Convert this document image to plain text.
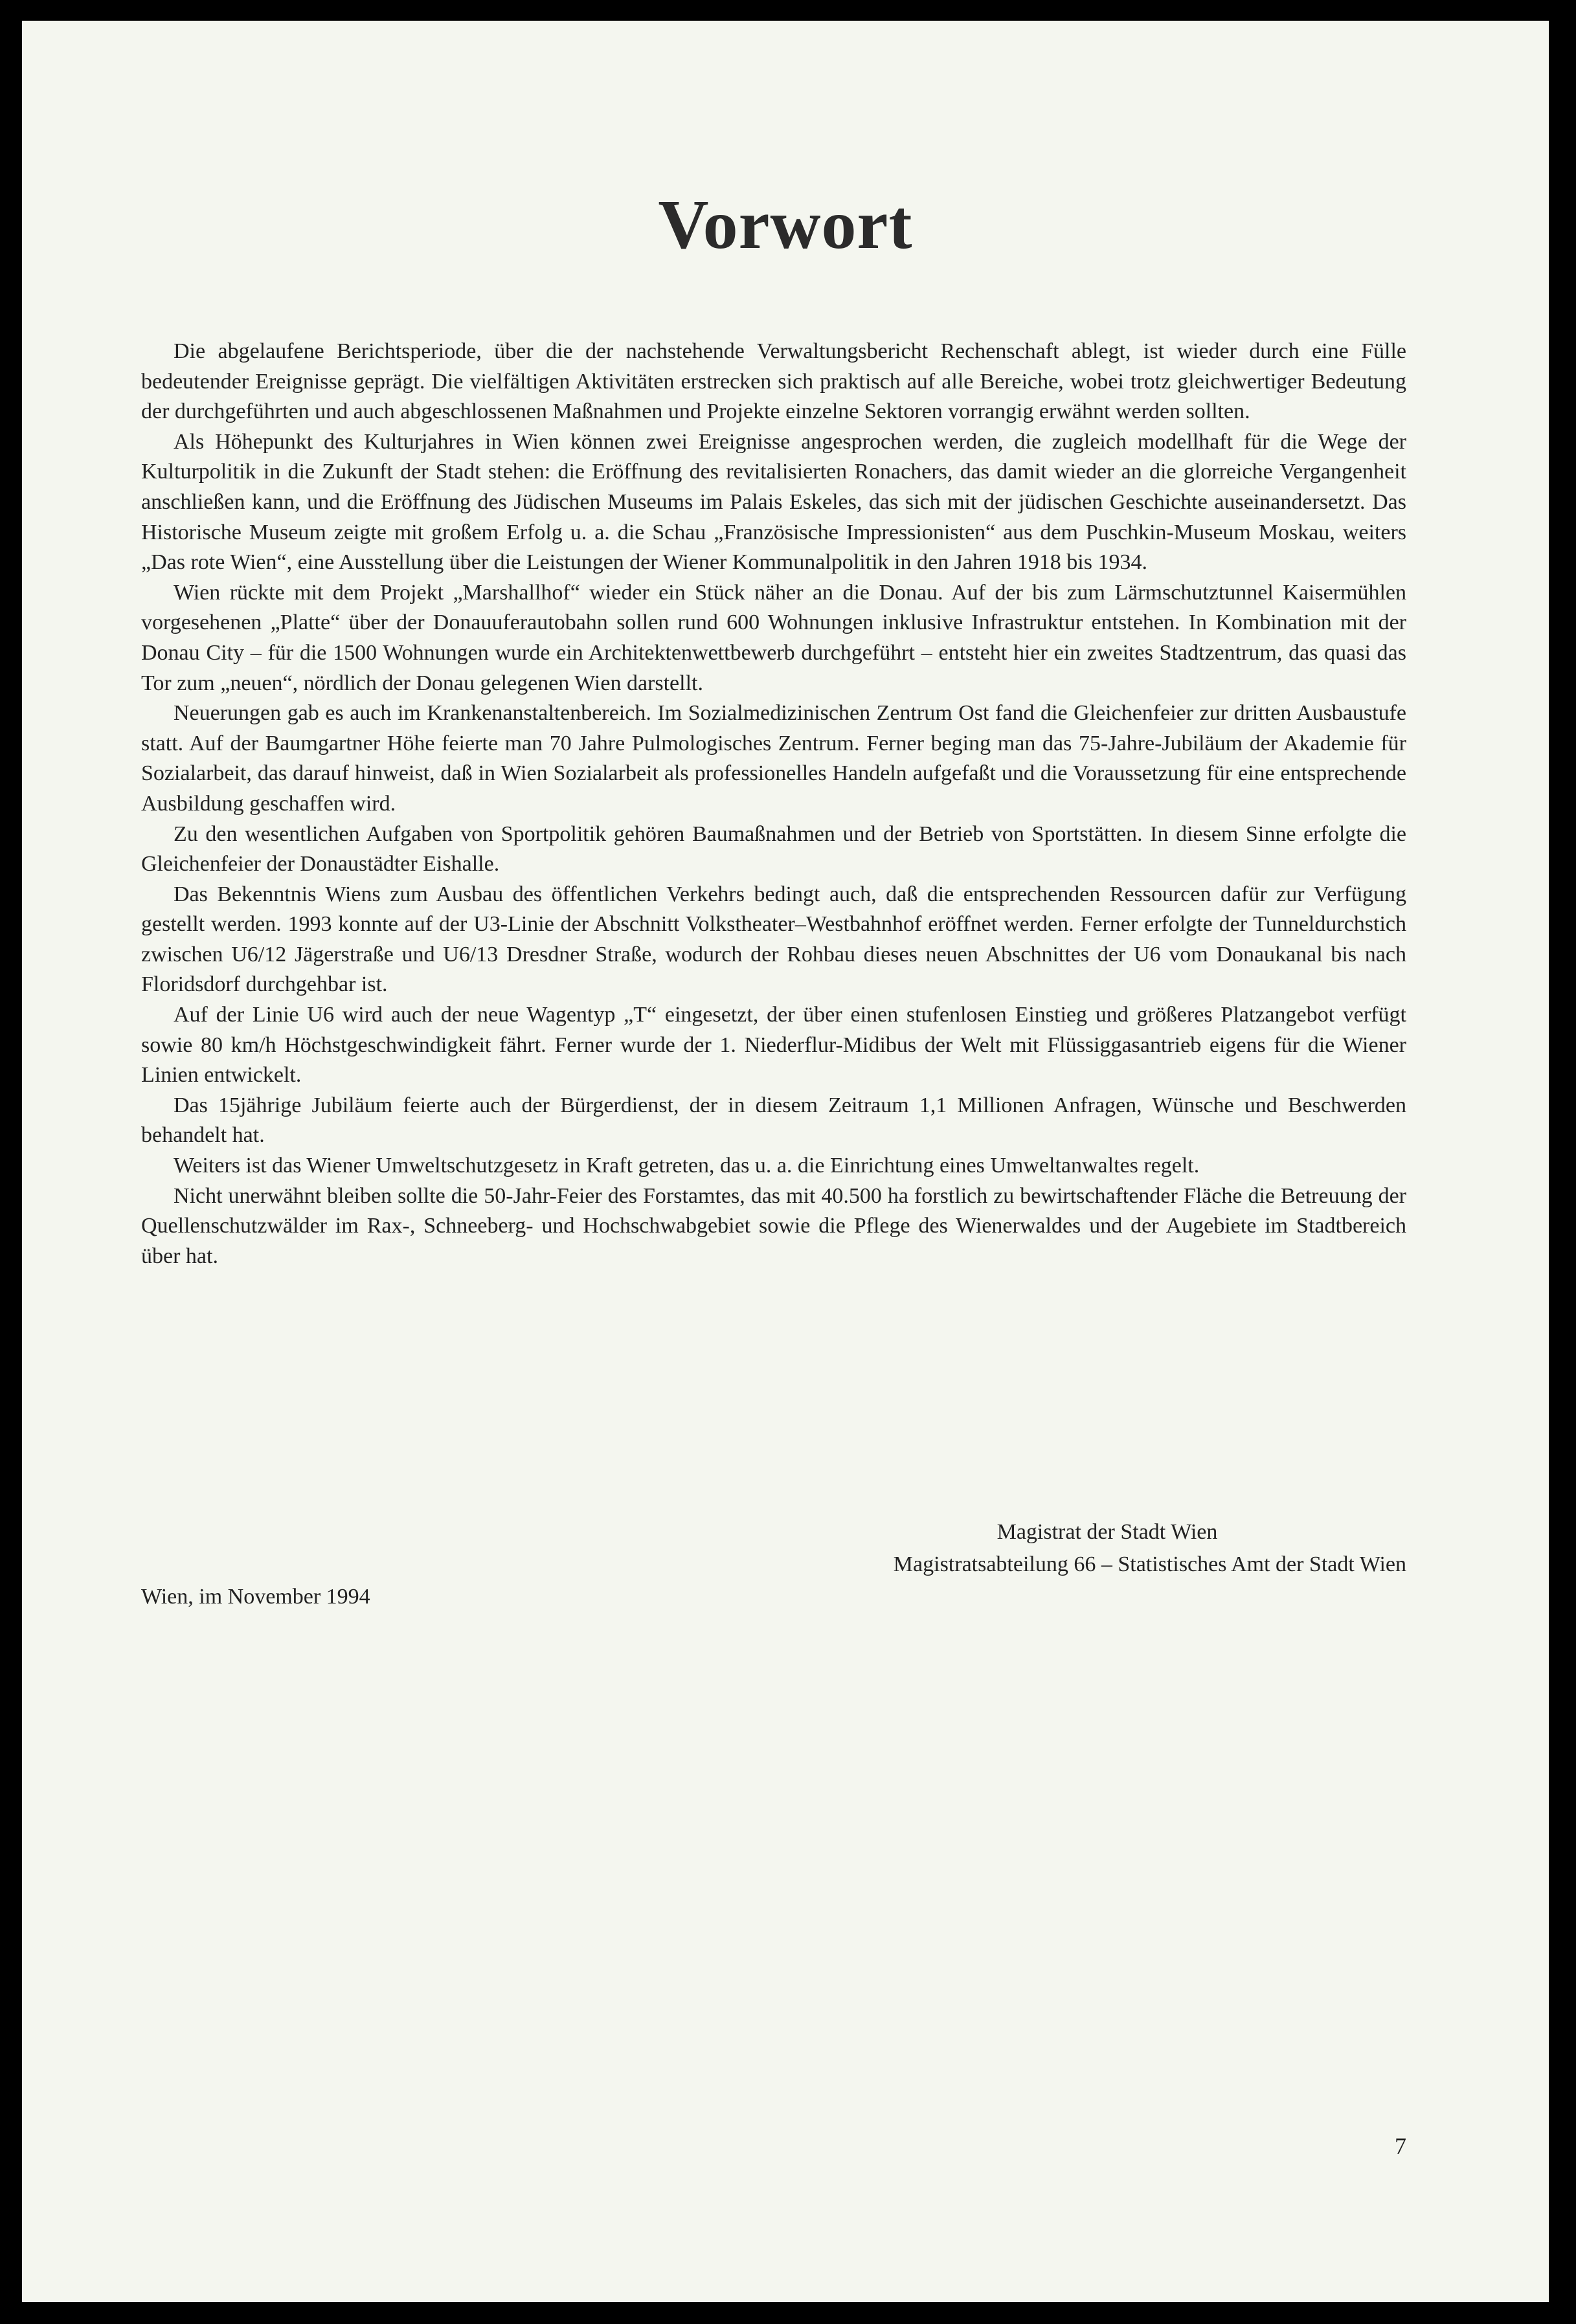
Vorwort

Die abgelaufene Berichtsperiode, über die der nachstehende Verwaltungsbericht Rechenschaft ablegt, ist wieder durch eine Fülle bedeutender Ereignisse geprägt. Die vielfältigen Aktivitäten erstrecken sich praktisch auf alle Bereiche, wobei trotz gleichwertiger Bedeutung der durchgeführten und auch abgeschlossenen Maßnahmen und Projekte einzelne Sektoren vorrangig erwähnt werden sollten.

Als Höhepunkt des Kulturjahres in Wien können zwei Ereignisse angesprochen werden, die zugleich modellhaft für die Wege der Kulturpolitik in die Zukunft der Stadt stehen: die Eröffnung des revitalisierten Ronachers, das damit wieder an die glorreiche Vergangenheit anschließen kann, und die Eröffnung des Jüdischen Museums im Palais Eskeles, das sich mit der jüdischen Geschichte auseinandersetzt. Das Historische Museum zeigte mit großem Erfolg u. a. die Schau „Französische Impressionisten“ aus dem Puschkin-Museum Moskau, weiters „Das rote Wien“, eine Ausstellung über die Leistungen der Wiener Kommunalpolitik in den Jahren 1918 bis 1934.

Wien rückte mit dem Projekt „Marshallhof“ wieder ein Stück näher an die Donau. Auf der bis zum Lärmschutztunnel Kaisermühlen vorgesehenen „Platte“ über der Donauuferautobahn sollen rund 600 Wohnungen inklusive Infrastruktur entstehen. In Kombination mit der Donau City – für die 1500 Wohnungen wurde ein Architektenwettbewerb durchgeführt – entsteht hier ein zweites Stadtzentrum, das quasi das Tor zum „neuen“, nördlich der Donau gelegenen Wien darstellt.

Neuerungen gab es auch im Krankenanstaltenbereich. Im Sozialmedizinischen Zentrum Ost fand die Gleichenfeier zur dritten Ausbaustufe statt. Auf der Baumgartner Höhe feierte man 70 Jahre Pulmologisches Zentrum. Ferner beging man das 75-Jahre-Jubiläum der Akademie für Sozialarbeit, das darauf hinweist, daß in Wien Sozialarbeit als professionelles Handeln aufgefaßt und die Voraussetzung für eine entsprechende Ausbildung geschaffen wird.

Zu den wesentlichen Aufgaben von Sportpolitik gehören Baumaßnahmen und der Betrieb von Sportstätten. In diesem Sinne erfolgte die Gleichenfeier der Donaustädter Eishalle.

Das Bekenntnis Wiens zum Ausbau des öffentlichen Verkehrs bedingt auch, daß die entsprechenden Ressourcen dafür zur Verfügung gestellt werden. 1993 konnte auf der U3-Linie der Abschnitt Volkstheater–Westbahnhof eröffnet werden. Ferner erfolgte der Tunneldurchstich zwischen U6/12 Jägerstraße und U6/13 Dresdner Straße, wodurch der Rohbau dieses neuen Abschnittes der U6 vom Donaukanal bis nach Floridsdorf durchgehbar ist.

Auf der Linie U6 wird auch der neue Wagentyp „T“ eingesetzt, der über einen stufenlosen Einstieg und größeres Platzangebot verfügt sowie 80 km/h Höchstgeschwindigkeit fährt. Ferner wurde der 1. Niederflur-Midibus der Welt mit Flüssiggasantrieb eigens für die Wiener Linien entwickelt.

Das 15jährige Jubiläum feierte auch der Bürgerdienst, der in diesem Zeitraum 1,1 Millionen Anfragen, Wünsche und Beschwerden behandelt hat.

Weiters ist das Wiener Umweltschutzgesetz in Kraft getreten, das u. a. die Einrichtung eines Umweltanwaltes regelt.

Nicht unerwähnt bleiben sollte die 50-Jahr-Feier des Forstamtes, das mit 40.500 ha forstlich zu bewirtschaftender Fläche die Betreuung der Quellenschutzwälder im Rax-, Schneeberg- und Hochschwabgebiet sowie die Pflege des Wienerwaldes und der Augebiete im Stadtbereich über hat.

Magistrat der Stadt Wien
Magistratsabteilung 66 – Statistisches Amt der Stadt Wien
Wien, im November 1994
7
